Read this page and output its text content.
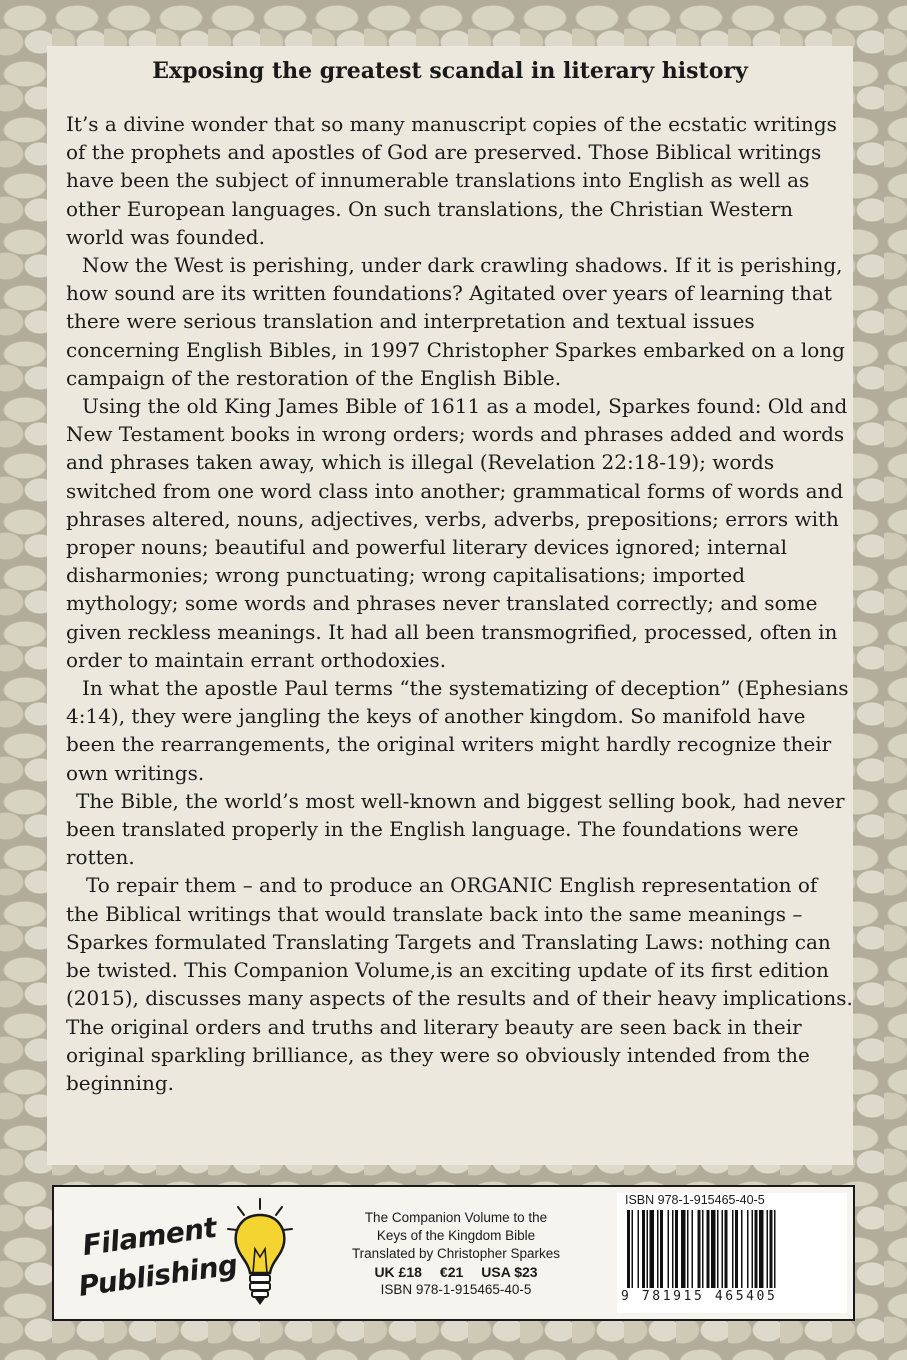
Exposing the greatest scandal in literary history

It’s a divine wonder that so many manuscript copies of the ecstatic writings of the prophets and apostles of God are preserved. Those Biblical writings have been the subject of innumerable translations into English as well as other European languages. On such translations, the Christian Western world was founded.

Now the West is perishing, under dark crawling shadows. If it is perishing, how sound are its written foundations? Agitated over years of learning that there were serious translation and interpretation and textual issues concerning English Bibles, in 1997 Christopher Sparkes embarked on a long campaign of the restoration of the English Bible.

Using the old King James Bible of 1611 as a model, Sparkes found: Old and New Testament books in wrong orders; words and phrases added and words and phrases taken away, which is illegal (Revelation 22:18-19); words switched from one word class into another; grammatical forms of words and phrases altered, nouns, adjectives, verbs, adverbs, prepositions; errors with proper nouns; beautiful and powerful literary devices ignored; internal disharmonies; wrong punctuating; wrong capitalisations; imported mythology; some words and phrases never translated correctly; and some given reckless meanings. It had all been transmogrified, processed, often in order to maintain errant orthodoxies.

In what the apostle Paul terms “the systematizing of deception” (Ephesians 4:14), they were jangling the keys of another kingdom. So manifold have been the rearrangements, the original writers might hardly recognize their own writings.

The Bible, the world’s most well-known and biggest selling book, had never been translated properly in the English language. The foundations were rotten.

To repair them – and to produce an ORGANIC English representation of the Biblical writings that would translate back into the same meanings –Sparkes formulated Translating Targets and Translating Laws: nothing can be twisted. This Companion Volume,is an exciting update of its first edition (2015), discusses many aspects of the results and of their heavy implications. The original orders and truths and literary beauty are seen back in their original sparkling brilliance, as they were so obviously intended from the beginning.

Filament
Publishing
The Companion Volume to the
Keys of the Kingdom Bible
Translated by Christopher Sparkes
UK £18 €21 USA $23
ISBN 978-1-915465-40-5
ISBN 978-1-915465-40-5
9 781915 465405
